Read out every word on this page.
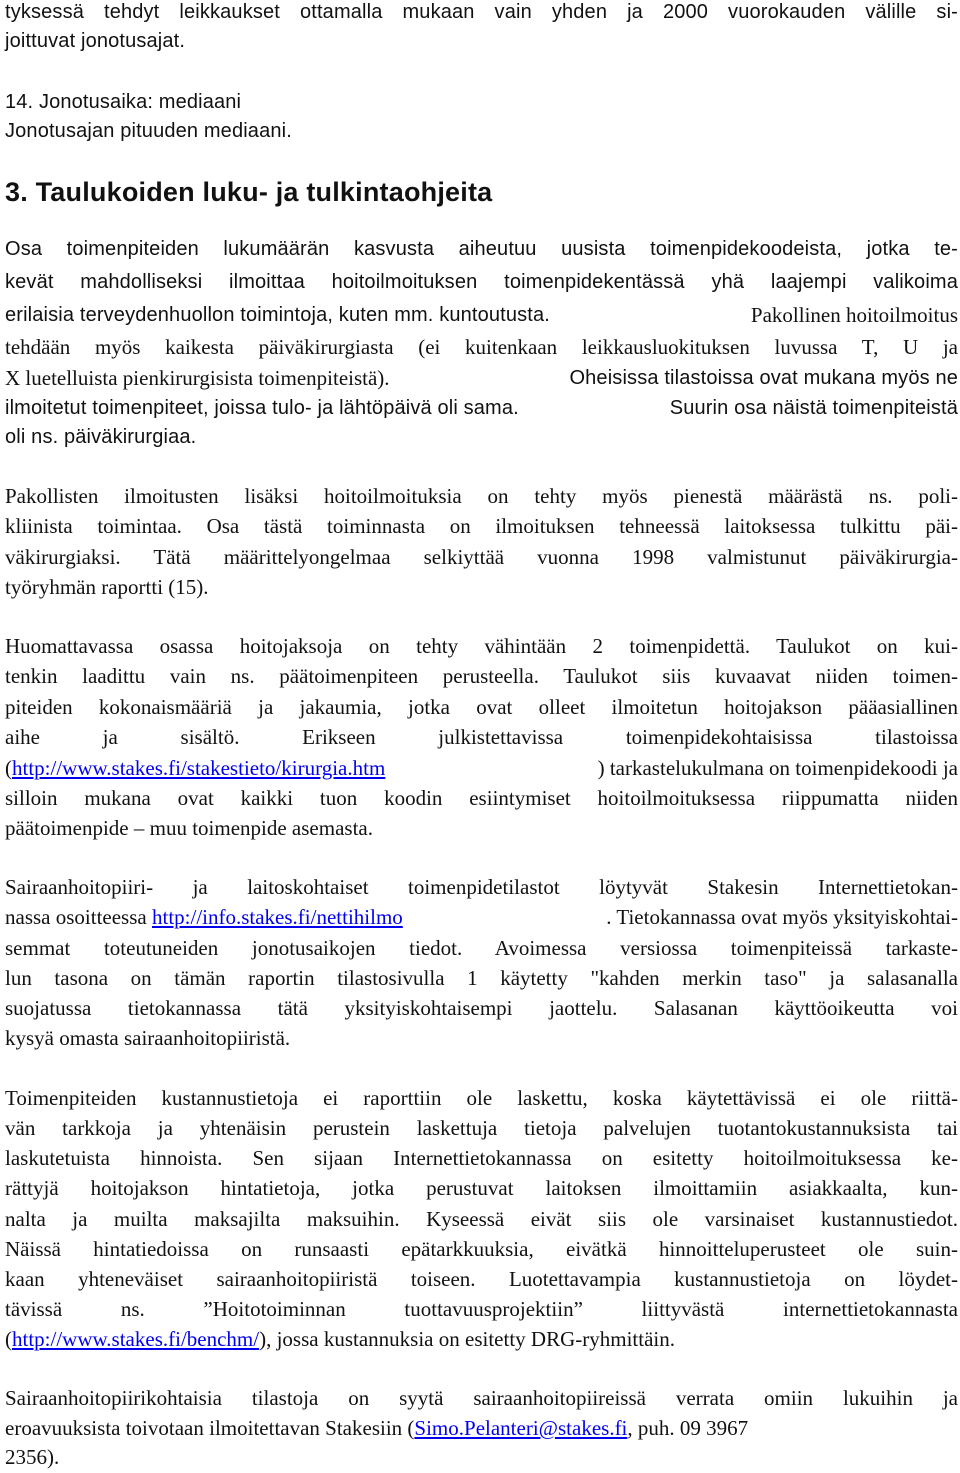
tyksessä tehdyt leikkaukset ottamalla mukaan vain yhden ja 2000 vuorokauden välille si-
joittuvat jonotusajat.
14. Jonotusaika: mediaani
Jonotusajan pituuden mediaani.
3. Taulukoiden luku- ja tulkintaohjeita
Osa toimenpiteiden lukumäärän kasvusta aiheutuu uusista toimenpidekoodeista, jotka te-
kevät mahdolliseksi ilmoittaa hoitoilmoituksen toimenpidekentässä yhä laajempi valikoima
erilaisia terveydenhuollon toimintoja, kuten mm. kuntoutusta.	Pakollinen hoitoilmoitus
tehdään myös kaikesta päiväkirurgiasta (ei kuitenkaan leikkausluokituksen luvussa T, U ja
X luetelluista pienkirurgisista toimenpiteistä).	Oheisissa tilastoissa ovat mukana myös ne
ilmoitetut toimenpiteet, joissa tulo- ja lähtöpäivä oli sama.	Suurin osa näistä toimenpiteistä
oli ns. päiväkirurgiaa.
Pakollisten ilmoitusten lisäksi hoitoilmoituksia on tehty myös pienestä määrästä ns. poli-
kliinista toimintaa. Osa tästä toiminnasta on ilmoituksen tehneessä laitoksessa tulkittu päi-
väkirurgiaksi. Tätä määrittelyongelmaa selkiyttää vuonna 1998 valmistunut päiväkirurgia-
työryhmän raportti (15).
Huomattavassa osassa hoitojaksoja on tehty vähintään 2 toimenpidettä. Taulukot on kui-
tenkin laadittu vain ns. päätoimenpiteen perusteella. Taulukot siis kuvaavat niiden toimen-
piteiden kokonaismääriä ja jakaumia, jotka ovat olleet ilmoitetun hoitojakson pääasiallinen
aihe ja sisältö. Erikseen julkistettavissa toimenpidekohtaisissa tilastoissa
(http://www.stakes.fi/stakestieto/kirurgia.htm	) tarkastelukulmana on toimenpidekoodi ja
silloin mukana ovat kaikki tuon koodin esiintymiset hoitoilmoituksessa riippumatta niiden
päätoimenpide – muu toimenpide asemasta.
Sairaanhoitopiiri- ja laitoskohtaiset toimenpidetilastot löytyvät Stakesin Internettietokan-
nassa osoitteessa http://info.stakes.fi/nettihilmo	. Tietokannassa ovat myös yksityiskohtai-
semmat toteutuneiden jonotusaikojen tiedot. Avoimessa versiossa toimenpiteissä tarkaste-
lun tasona on tämän raportin tilastosivulla 1 käytetty "kahden merkin taso" ja salasanalla
suojatussa tietokannassa tätä yksityiskohtaisempi jaottelu. Salasanan käyttöoikeutta voi
kysyä omasta sairaanhoitopiiristä.
Toimenpiteiden kustannustietoja ei raporttiin ole laskettu, koska käytettävissä ei ole riittä-
vän tarkkoja ja yhtenäisin perustein laskettuja tietoja palvelujen tuotantokustannuksista tai
laskutetuista hinnoista. Sen sijaan Internettietokannassa on esitetty hoitoilmoituksessa ke-
rättyjä hoitojakson hintatietoja, jotka perustuvat laitoksen ilmoittamiin asiakkaalta, kun-
nalta ja muilta maksajilta maksuihin. Kyseessä eivät siis ole varsinaiset kustannustiedot.
Näissä hintatiedoissa on runsaasti epätarkkuuksia, eivätkä hinnoitteluperusteet ole suin-
kaan yhteneväiset sairaanhoitopiiristä toiseen. Luotettavampia kustannustietoja on löydet-
tävissä ns. ”Hoitotoiminnan tuottavuusprojektiin” liittyvästä internettietokannasta
(http://www.stakes.fi/benchm/), jossa kustannuksia on esitetty DRG-ryhmittäin.
Sairaanhoitopiirikohtaisia tilastoja on syytä sairaanhoitopiireissä verrata omiin lukuihin ja
eroavuuksista toivotaan ilmoitettavan Stakesiin (Simo.Pelanteri@stakes.fi, puh. 09 3967
2356).
